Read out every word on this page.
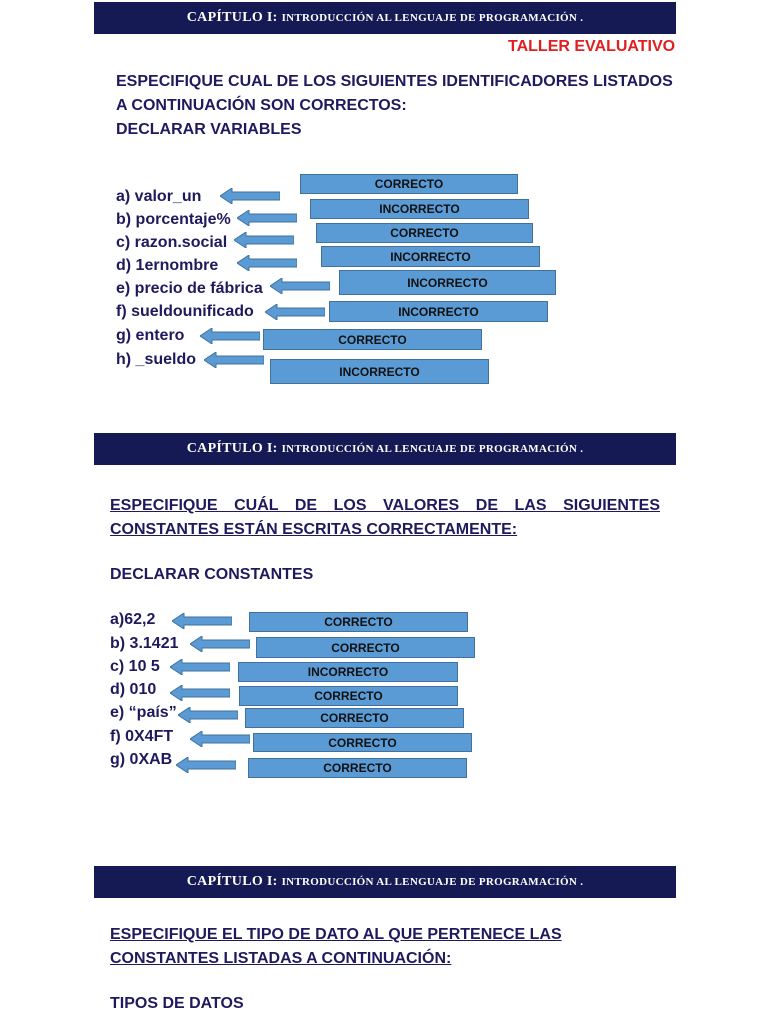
CAPÍTULO I: INTRODUCCIÓN AL LENGUAJE DE PROGRAMACIÓN .
TALLER EVALUATIVO
ESPECIFIQUE CUAL DE LOS SIGUIENTES IDENTIFICADORES LISTADOS
A CONTINUACIÓN SON CORRECTOS:
DECLARAR VARIABLES
a) valor_un
b) porcentaje%
c) razon.social
d) 1ernombre
e) precio de fábrica
f) sueldounificado
g) entero
h) _sueldo
CORRECTO
INCORRECTO
CORRECTO
INCORRECTO
INCORRECTO
INCORRECTO
CORRECTO
INCORRECTO
CAPÍTULO I: INTRODUCCIÓN AL LENGUAJE DE PROGRAMACIÓN .
ESPECIFIQUE CUÁL DE LOS VALORES DE LAS SIGUIENTES CONSTANTES ESTÁN ESCRITAS CORRECTAMENTE:
DECLARAR CONSTANTES
a)62,2
b) 3.1421
c) 10 5
d) 010
e) “país”
f) 0X4FT
g) 0XAB
CORRECTO
CORRECTO
INCORRECTO
CORRECTO
CORRECTO
CORRECTO
CORRECTO
CAPÍTULO I: INTRODUCCIÓN AL LENGUAJE DE PROGRAMACIÓN .
ESPECIFIQUE EL TIPO DE DATO AL QUE PERTENECE LAS CONSTANTES LISTADAS A CONTINUACIÓN:
TIPOS DE DATOS
